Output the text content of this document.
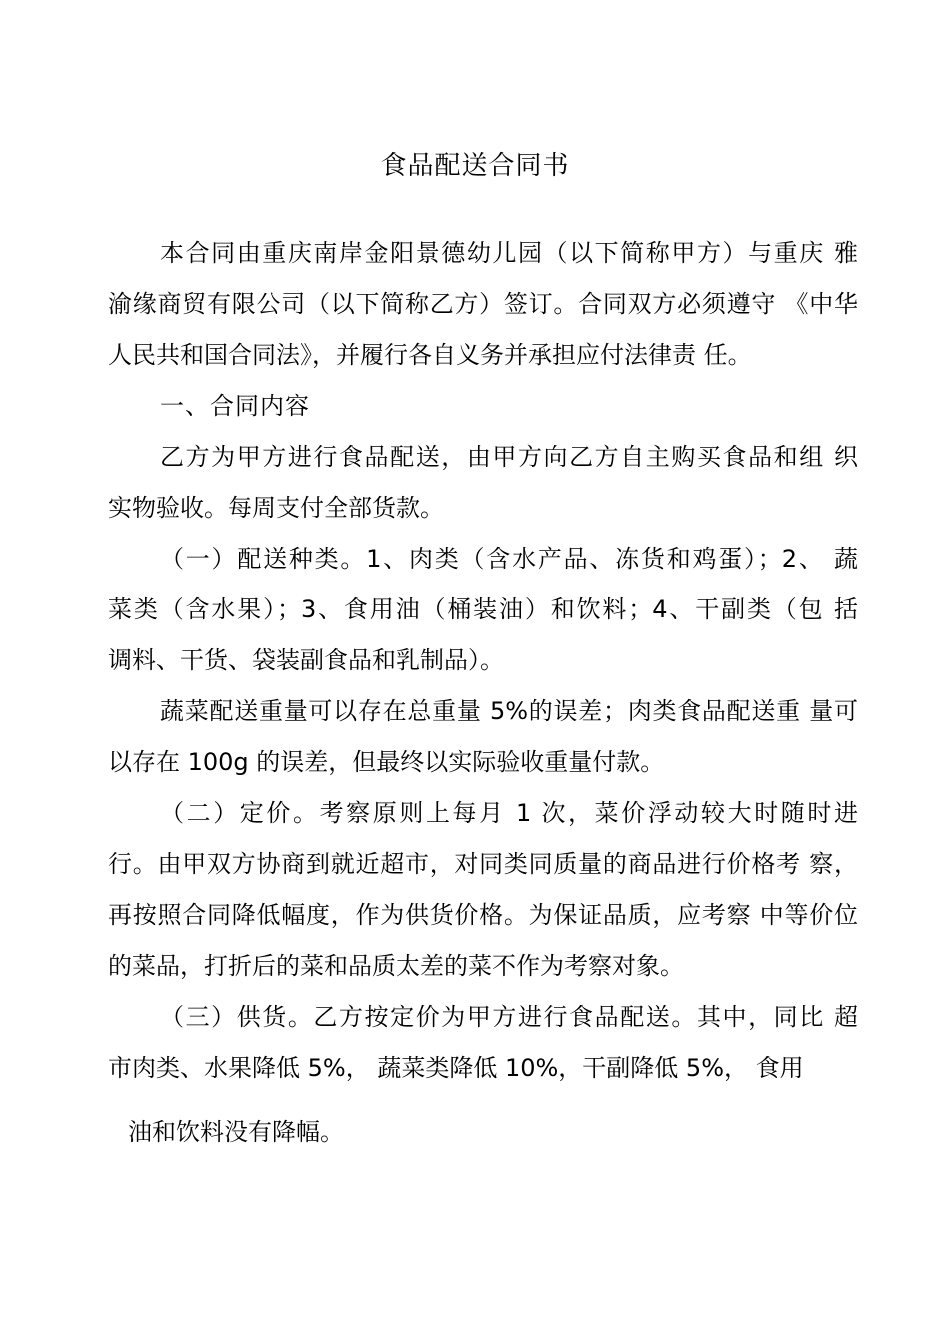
食品配送合同书
本合同由重庆南岸金阳景德幼儿园（以下简称甲方）与重庆 雅
渝缘商贸有限公司（以下简称乙方）签订。合同双方必须遵守 《中华
人民共和国合同法》，并履行各自义务并承担应付法律责 任。
一、合同内容
乙方为甲方进行食品配送，由甲方向乙方自主购买食品和组 织
实物验收。每周支付全部货款。
（一）配送种类。1、肉类（含水产品、冻货和鸡蛋）；2、 蔬
菜类（含水果）；3、食用油（桶装油）和饮料；4、干副类（包 括
调料、干货、袋装副食品和乳制品）。
蔬菜配送重量可以存在总重量 5%的误差；肉类食品配送重 量可
以存在 100g 的误差，但最终以实际验收重量付款。
（二）定价。考察原则上每月 1 次，菜价浮动较大时随时进
行。由甲双方协商到就近超市，对同类同质量的商品进行价格考 察，
再按照合同降低幅度，作为供货价格。为保证品质，应考察 中等价位
的菜品，打折后的菜和品质太差的菜不作为考察对象。
（三）供货。乙方按定价为甲方进行食品配送。其中，同比 超
市肉类、水果降低 5%， 蔬菜类降低 10%，干副降低 5%， 食用
油和饮料没有降幅。
